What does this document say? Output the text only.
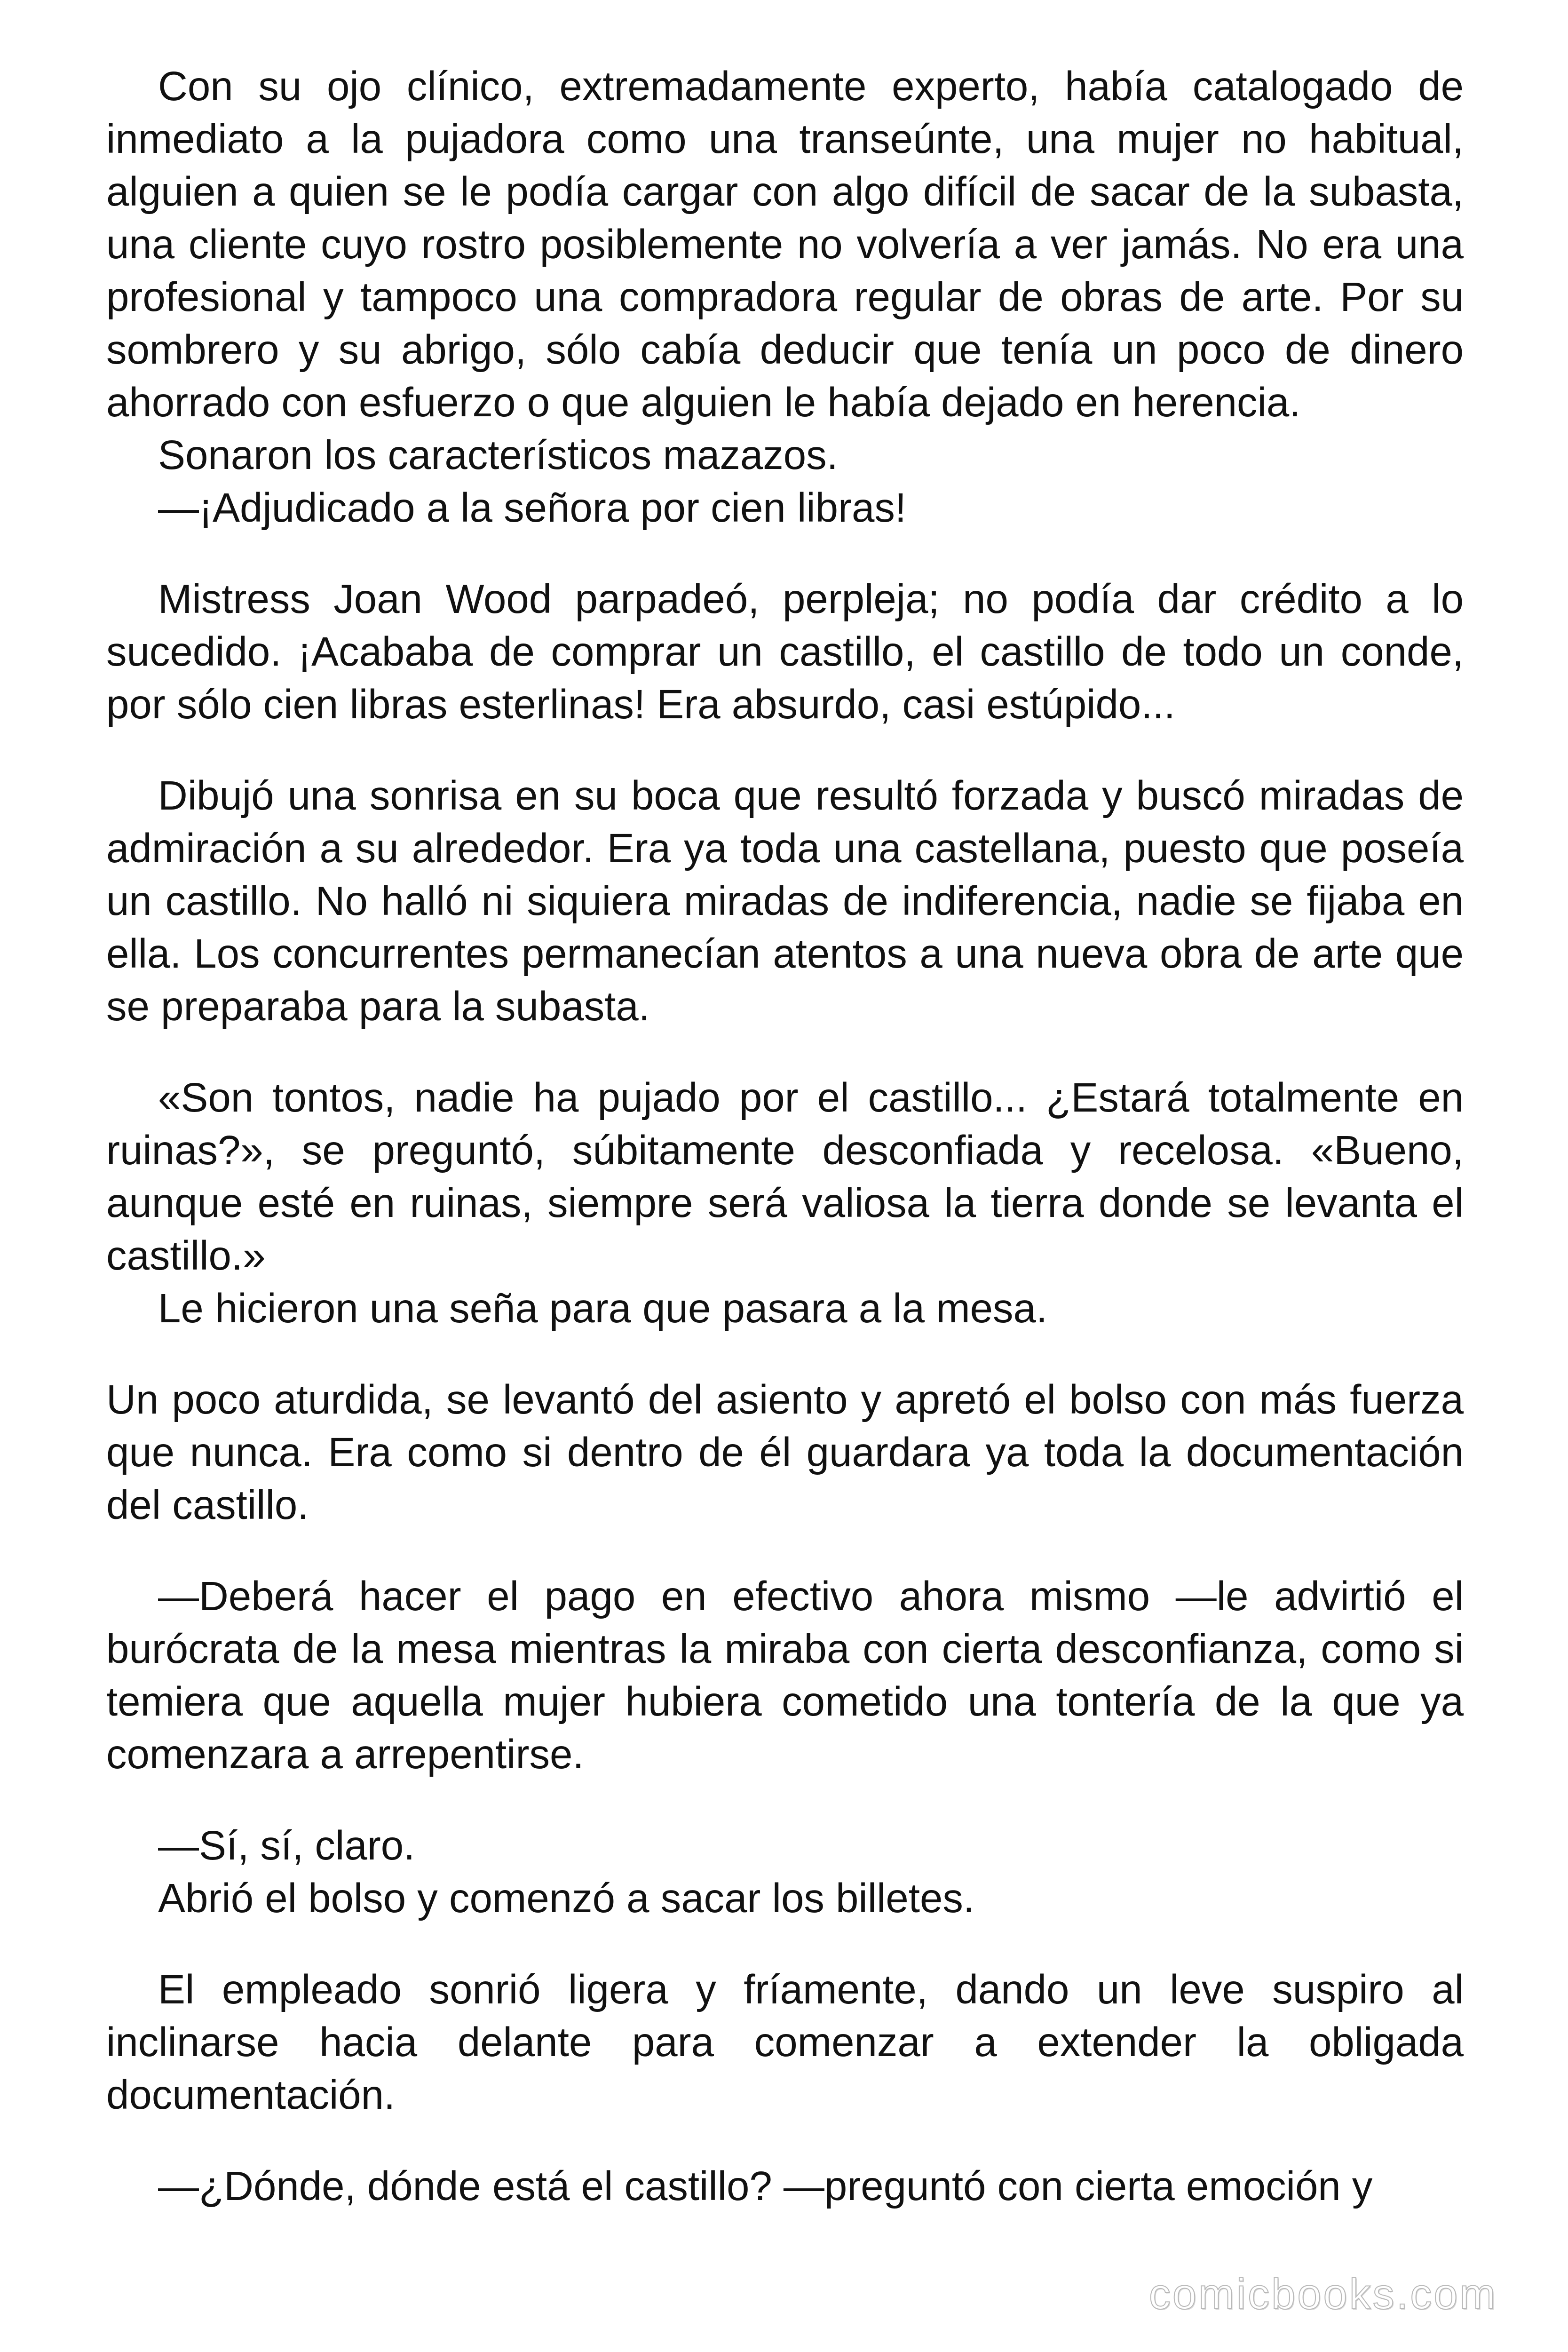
Con su ojo clínico, extremadamente experto, había catalogado de inmediato a la pujadora como una transeúnte, una mujer no habitual, alguien a quien se le podía cargar con algo difícil de sacar de la subasta, una cliente cuyo rostro posiblemente no volvería a ver jamás. No era una profesional y tampoco una compradora regular de obras de arte. Por su sombrero y su abrigo, sólo cabía deducir que tenía un poco de dinero ahorrado con esfuerzo o que alguien le había dejado en herencia.

Sonaron los característicos mazazos.

—¡Adjudicado a la señora por cien libras!

Mistress Joan Wood parpadeó, perpleja; no podía dar crédito a lo sucedido. ¡Acababa de comprar un castillo, el castillo de todo un conde, por sólo cien libras esterlinas! Era absurdo, casi estúpido...

Dibujó una sonrisa en su boca que resultó forzada y buscó miradas de admiración a su alrededor. Era ya toda una castellana, puesto que poseía un castillo. No halló ni siquiera miradas de indiferencia, nadie se fijaba en ella. Los concurrentes permanecían atentos a una nueva obra de arte que se preparaba para la subasta.

«Son tontos, nadie ha pujado por el castillo... ¿Estará totalmente en ruinas?», se preguntó, súbitamente desconfiada y recelosa. «Bueno, aunque esté en ruinas, siempre será valiosa la tierra donde se levanta el castillo.»

Le hicieron una seña para que pasara a la mesa.

Un poco aturdida, se levantó del asiento y apretó el bolso con más fuerza que nunca. Era como si dentro de él guardara ya toda la documentación del castillo.

—Deberá hacer el pago en efectivo ahora mismo —le advirtió el burócrata de la mesa mientras la miraba con cierta desconfianza, como si temiera que aquella mujer hubiera cometido una tontería de la que ya comenzara a arrepentirse.

—Sí, sí, claro.

Abrió el bolso y comenzó a sacar los billetes.

El empleado sonrió ligera y fríamente, dando un leve suspiro al inclinarse hacia delante para comenzar a extender la obligada documentación.

—¿Dónde, dónde está el castillo? —preguntó con cierta emoción y

comicbooks.com
